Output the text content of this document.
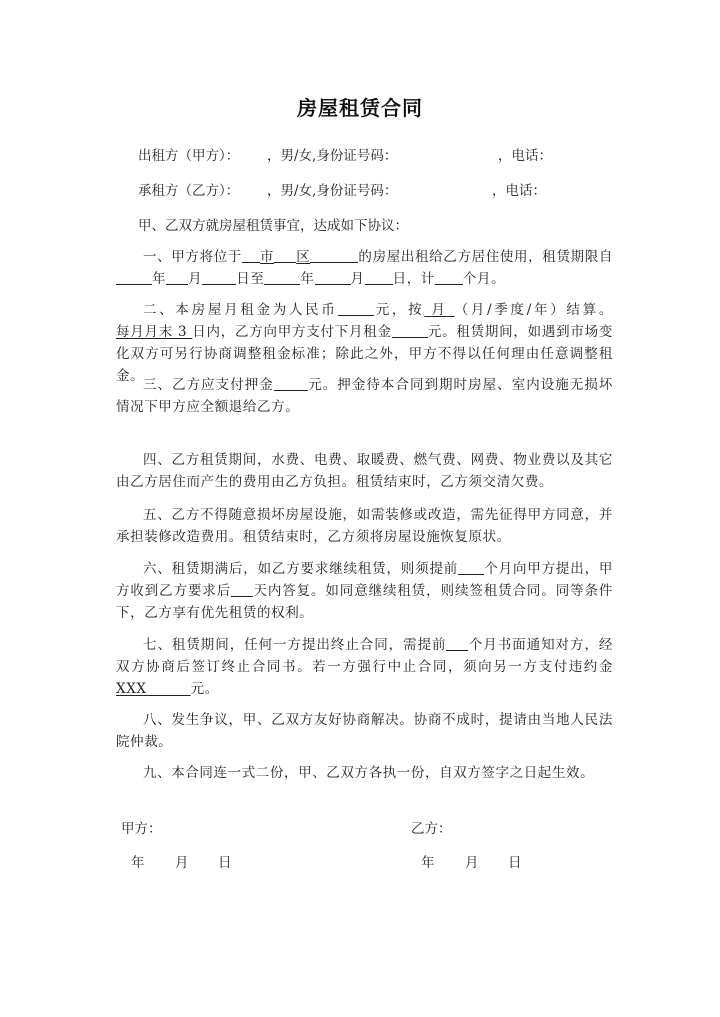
房屋租赁合同
出租方（甲方）： ，男/女,身份证号码：	，电话：
承租方（乙方）： ，男/女,身份证号码：	，电话：
甲、乙双方就房屋租赁事宜，达成如下协议：
一、甲方将位于 市 区	的房屋出租给乙方居住使用，租赁期限自年 月	日至	年	月 日，计 个月。
二、本房屋月租金为人民币	元，按 月 （月/季度/年）结算。每月月末 3 日内，乙方向甲方支付下月租金	元。租赁期间，如遇到市场变化双方可另行协商调整租金标准；除此之外，甲方不得以任何理由任意调整租金。
三、乙方应支付押金	元。押金待本合同到期时房屋、室内设施无损坏情况下甲方应全额退给乙方。
四、乙方租赁期间，水费、电费、取暖费、燃气费、网费、物业费以及其它由乙方居住而产生的费用由乙方负担。租赁结束时，乙方须交清欠费。
五、乙方不得随意损坏房屋设施，如需装修或改造，需先征得甲方同意，并承担装修改造费用。租赁结束时，乙方须将房屋设施恢复原状。
六、租赁期满后，如乙方要求继续租赁，则须提前 个月向甲方提出，甲方收到乙方要求后 天内答复。如同意继续租赁，则续签租赁合同。同等条件下，乙方享有优先租赁的权利。
七、租赁期间，任何一方提出终止合同，需提前 个月书面通知对方，经双方协商后签订终止合同书。若一方强行中止合同，须向另一方支付违约金XXX	元。
八、发生争议，甲、乙双方友好协商解决。协商不成时，提请由当地人民法院仲裁。
九、本合同连一式二份，甲、乙双方各执一份，自双方签字之日起生效。
甲方：	乙方：
年 月 日	年 月 日
